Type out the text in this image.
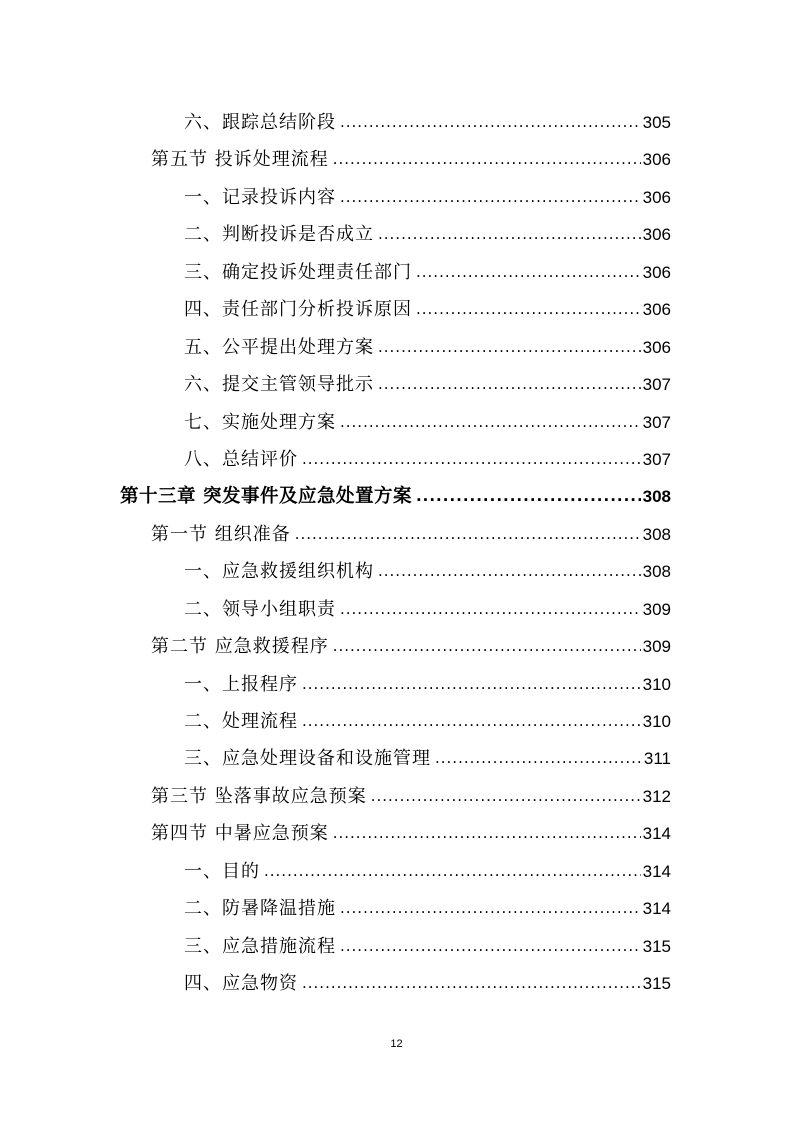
六、跟踪总结阶段 .....	305
第五节 投诉处理流程 .....	306
一、记录投诉内容 .....	306
二、判断投诉是否成立 .....	306
三、确定投诉处理责任部门 .....	306
四、责任部门分析投诉原因 .....	306
五、公平提出处理方案 .....	306
六、提交主管领导批示 .....	307
七、实施处理方案 .....	307
八、总结评价 .....	307
第十三章 突发事件及应急处置方案 .....	308
第一节 组织准备 .....	308
一、应急救援组织机构 .....	308
二、领导小组职责 .....	309
第二节 应急救援程序 .....	309
一、上报程序 .....	310
二、处理流程 .....	310
三、应急处理设备和设施管理 .....	311
第三节 坠落事故应急预案 .....	312
第四节 中暑应急预案 .....	314
一、目的 .....	314
二、防暑降温措施 .....	314
三、应急措施流程 .....	315
四、应急物资 .....	315
12
